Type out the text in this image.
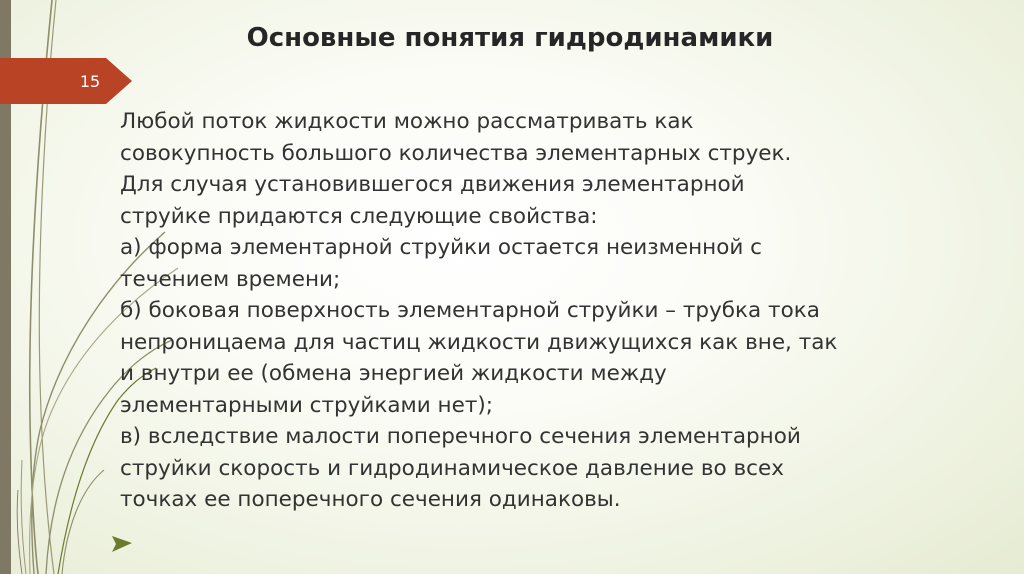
15
Основные понятия гидродинамики
Любой поток жидкости можно рассматривать как
совокупность большого количества элементарных струек.
Для случая установившегося движения элементарной
струйке придаются следующие свойства:
а) форма элементарной струйки остается неизменной с
течением времени;
б) боковая поверхность элементарной струйки – трубка тока
непроницаема для частиц жидкости движущихся как вне, так
и внутри ее (обмена энергией жидкости между
элементарными струйками нет);
в) вследствие малости поперечного сечения элементарной
струйки скорость и гидродинамическое давление во всех
точках ее поперечного сечения одинаковы.
